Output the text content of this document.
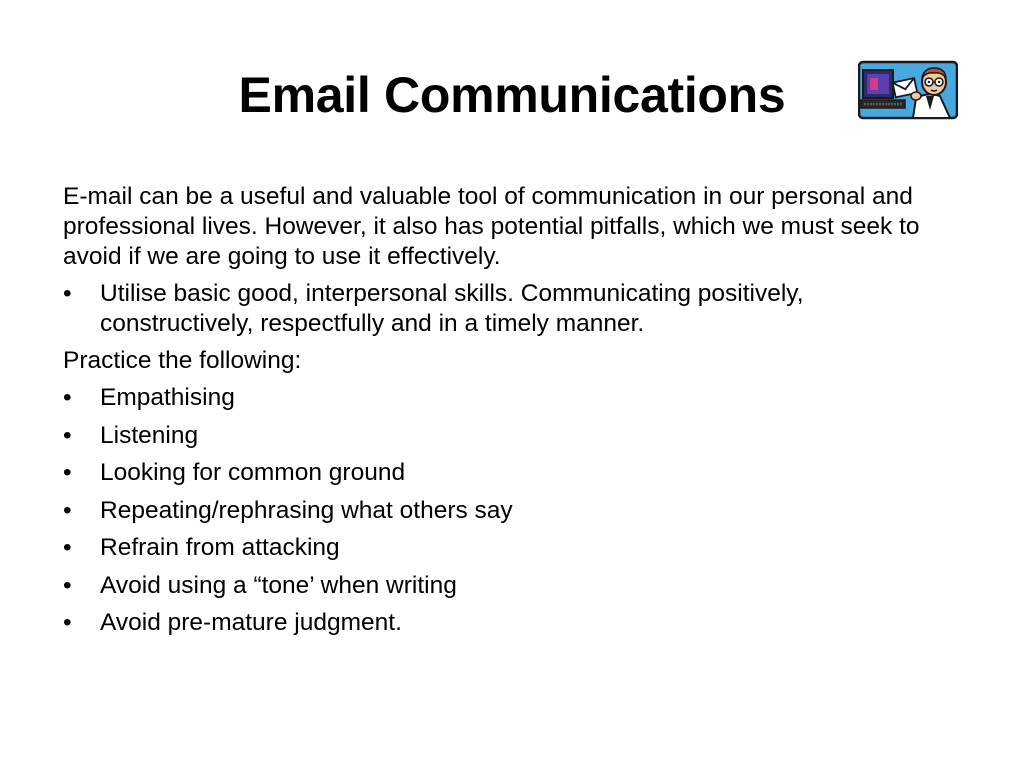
Email Communications

E-mail can be a useful and valuable tool of communication in our personal and professional lives. However, it also has potential pitfalls, which we must seek to avoid if we are going to use it effectively.

•	Utilise basic good, interpersonal skills. Communicating positively, constructively, respectfully and in a timely manner.

Practice the following:

•	Empathising
•	Listening
•	Looking for common ground
•	Repeating/rephrasing what others say
•	Refrain from attacking
•	Avoid using a “tone’ when writing
•	Avoid pre-mature judgment.
